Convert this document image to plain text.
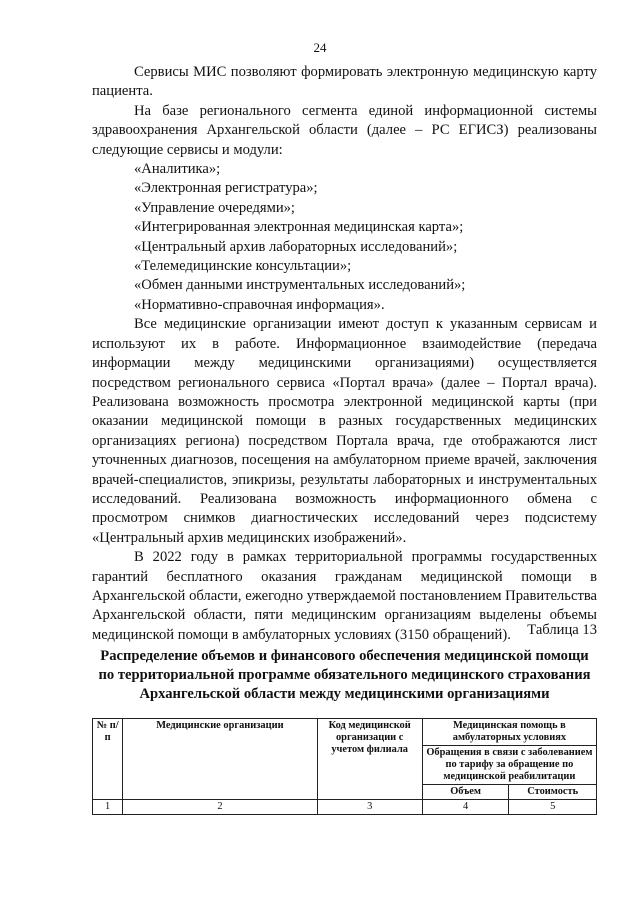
24

Сервисы МИС позволяют формировать электронную медицинскую карту пациента.

На базе регионального сегмента единой информационной системы здравоохранения Архангельской области (далее – РС ЕГИСЗ) реализованы следующие сервисы и модули:

«Аналитика»;

«Электронная регистратура»;

«Управление очередями»;

«Интегрированная электронная медицинская карта»;

«Центральный архив лабораторных исследований»;

«Телемедицинские консультации»;

«Обмен данными инструментальных исследований»;

«Нормативно-справочная информация».

Все медицинские организации имеют доступ к указанным сервисам и используют их в работе. Информационное взаимодействие (передача информации между медицинскими организациями) осуществляется посредством регионального сервиса «Портал врача» (далее – Портал врача). Реализована возможность просмотра электронной медицинской карты (при оказании медицинской помощи в разных государственных медицинских организациях региона) посредством Портала врача, где отображаются лист уточненных диагнозов, посещения на амбулаторном приеме врачей, заключения врачей-специалистов, эпикризы, результаты лабораторных и инструментальных исследований. Реализована возможность информационного обмена с просмотром снимков диагностических исследований через подсистему «Центральный архив медицинских изображений».

В 2022 году в рамках территориальной программы государственных гарантий бесплатного оказания гражданам медицинской помощи в Архангельской области, ежегодно утверждаемой постановлением Правительства Архангельской области, пяти медицинским организациям выделены объемы медицинской помощи в амбулаторных условиях (3150 обращений).	Таблица 13
Распределение объемов и финансового обеспечения медицинской помощи по территориальной программе обязательного медицинского страхования Архангельской области между медицинскими организациями
№ п/п	Медицинские организации	Код медицинской организации с учетом филиала	Медицинская помощь в амбулаторных условиях	
			Обращения в связи с заболеванием по тарифу за обращение по медицинской реабилитации	
			Объем	Стоимость
1	2	3	4	5
